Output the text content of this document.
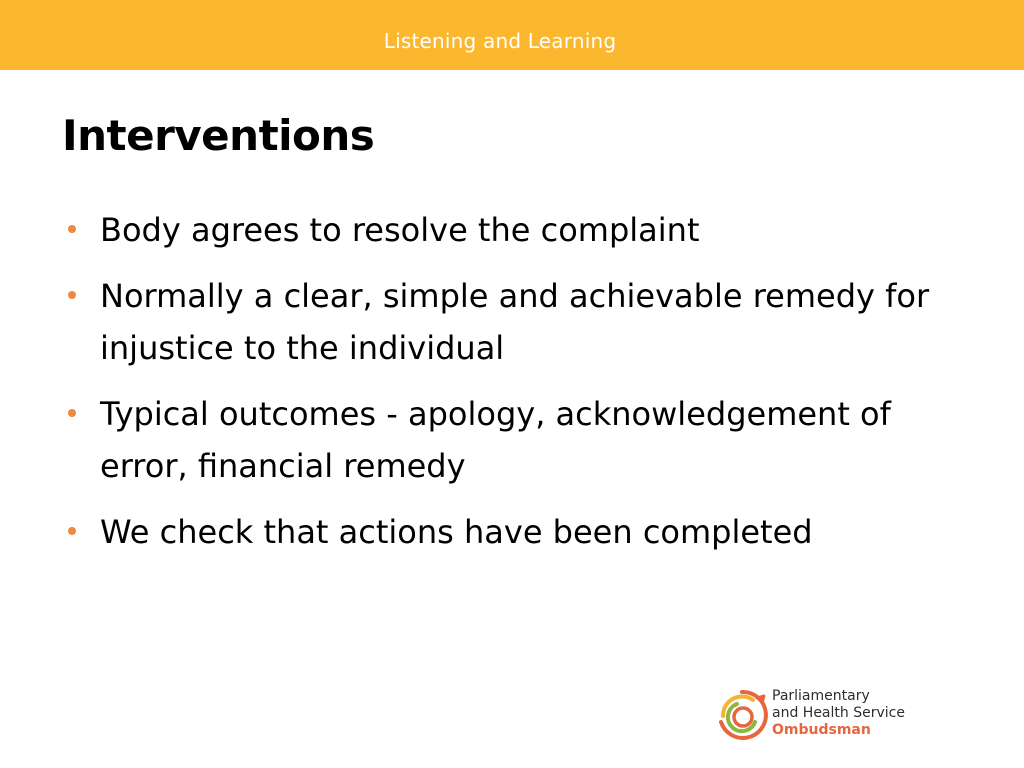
Listening and Learning
Interventions
Body agrees to resolve the complaint
Normally a clear, simple and achievable remedy for injustice to the individual
Typical outcomes - apology, acknowledgement of error, financial remedy
We check that actions have been completed
Parliamentary
and Health Service
Ombudsman
